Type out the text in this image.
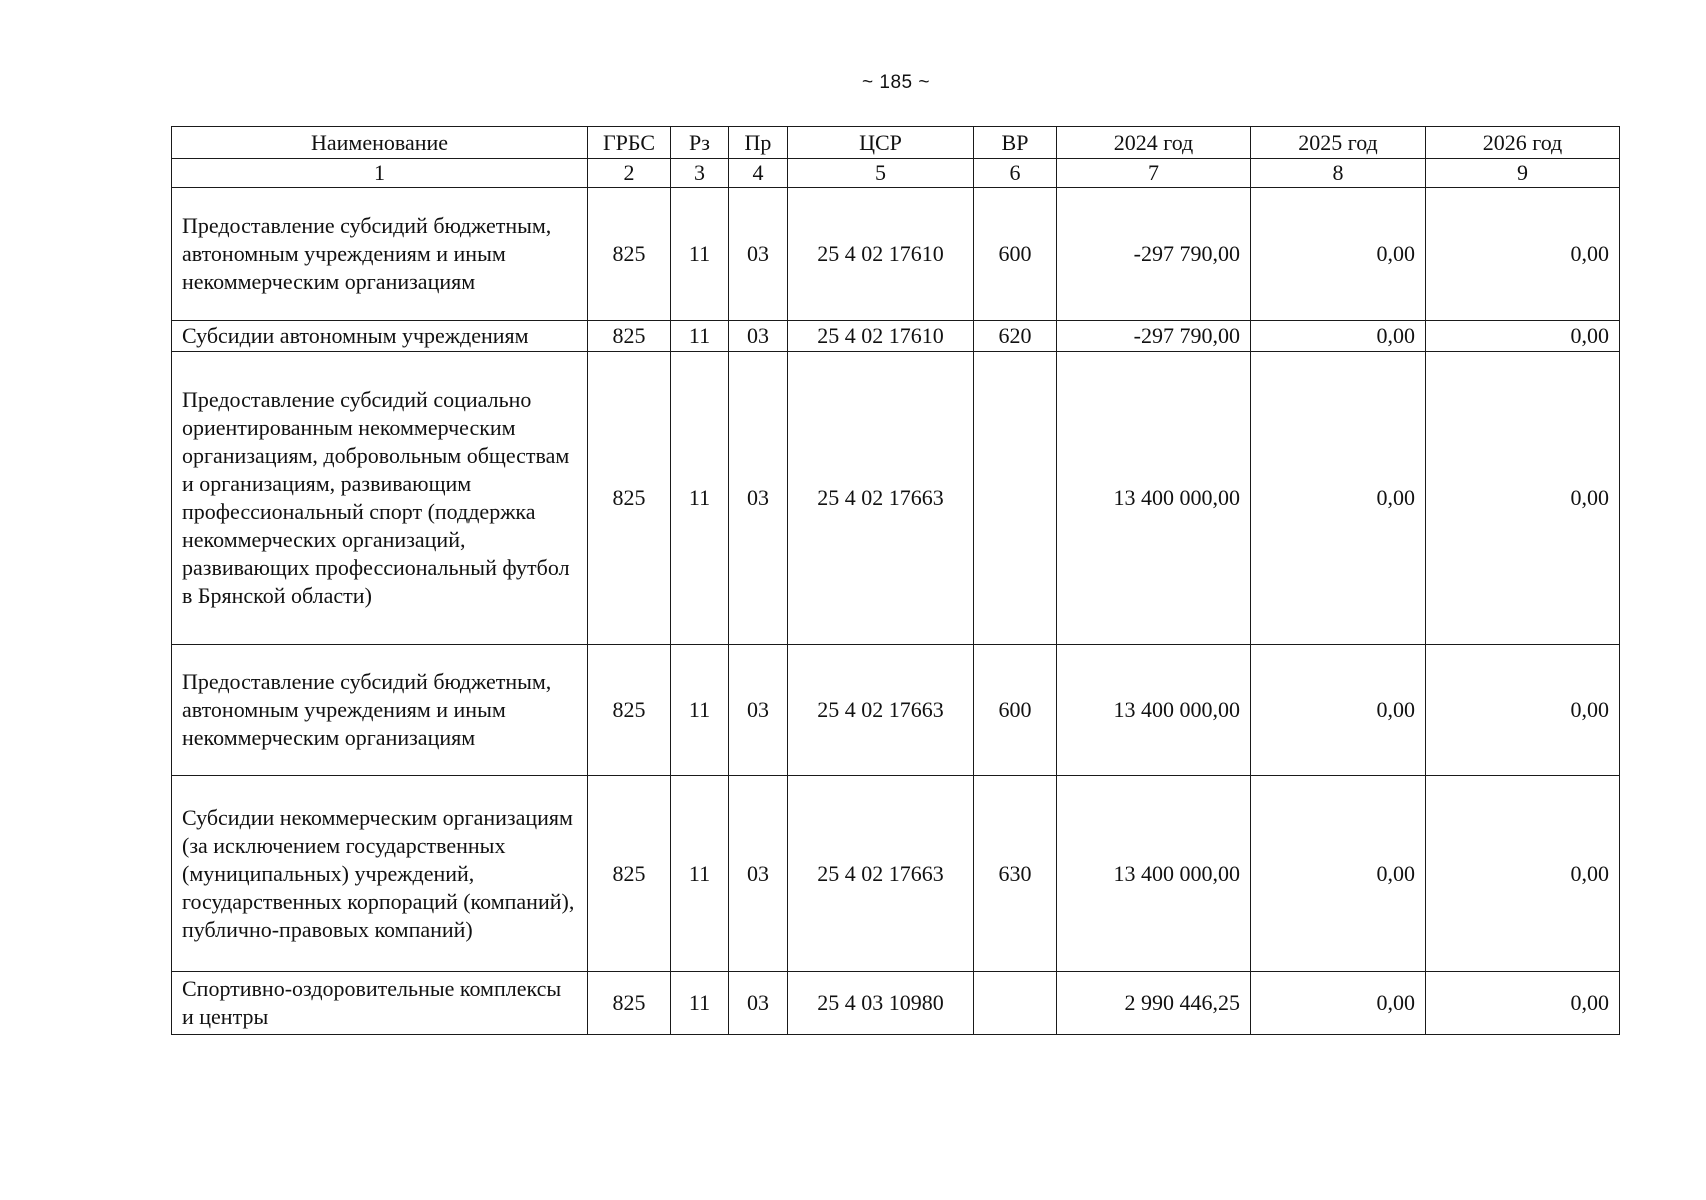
~ 185 ~
Наименование	ГРБС	Рз	Пр	ЦСР	ВР	2024 год	2025 год	2026 год
1	2	3	4	5	6	7	8	9
Предоставление субсидий бюджетным, автономным учреждениям и иным некоммерческим организациям	825	11	03	25 4 02 17610	600	-297 790,00	0,00	0,00
Субсидии автономным учреждениям	825	11	03	25 4 02 17610	620	-297 790,00	0,00	0,00
Предоставление субсидий социально ориентированным некоммерческим организациям, добровольным обществам и организациям, развивающим профессиональный спорт (поддержка некоммерческих организаций, развивающих профессиональный футбол в Брянской области)	825	11	03	25 4 02 17663		13 400 000,00	0,00	0,00
Предоставление субсидий бюджетным, автономным учреждениям и иным некоммерческим организациям	825	11	03	25 4 02 17663	600	13 400 000,00	0,00	0,00
Субсидии некоммерческим организациям (за исключением государственных (муниципальных) учреждений, государственных корпораций (компаний), публично-правовых компаний)	825	11	03	25 4 02 17663	630	13 400 000,00	0,00	0,00
Спортивно-оздоровительные комплексы и центры	825	11	03	25 4 03 10980		2 990 446,25	0,00	0,00
